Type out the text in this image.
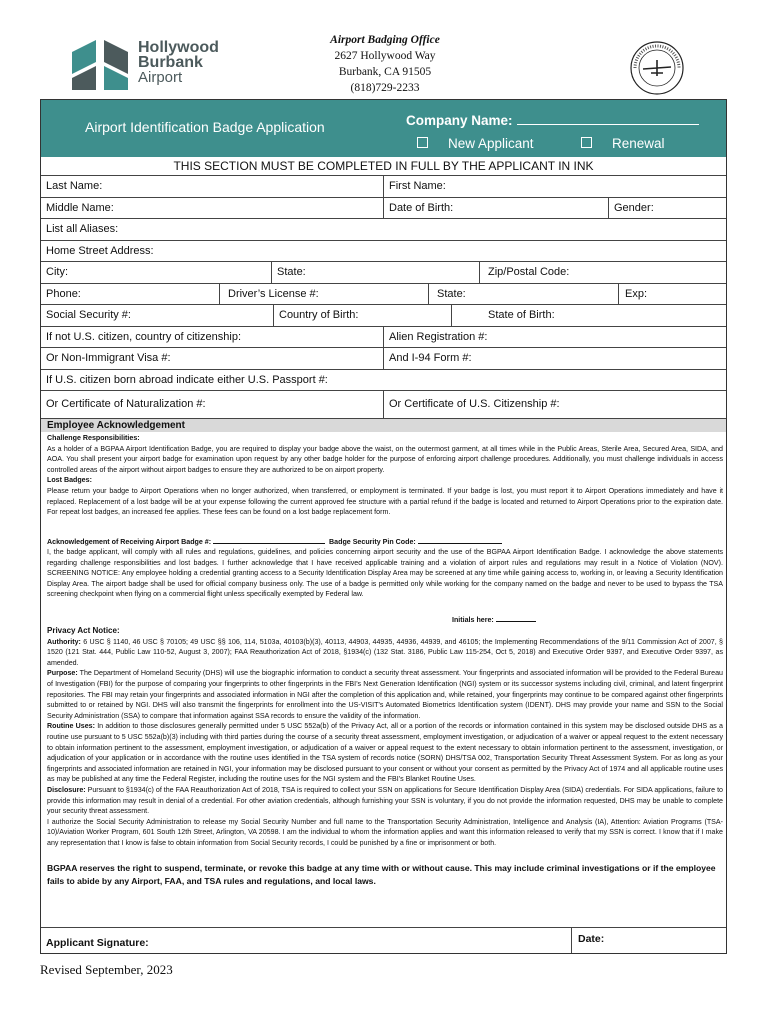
Hollywood
Burbank
Airport
Airport Badging Office
2627 Hollywood Way
Burbank, CA 91505
(818)729-2233
Airport Identification Badge Application	Company Name:
New Applicant	Renewal
THIS SECTION MUST BE COMPLETED IN FULL BY THE APPLICANT IN INK
Last Name:	First Name:
Middle Name:	Date of Birth:	Gender:
List all Aliases:
Home Street Address:
City:	State:	Zip/Postal Code:
Phone:	Driver’s License #:	State:	Exp:
Social Security #:	Country of Birth:	State of Birth:
If not U.S. citizen, country of citizenship:	Alien Registration #:
Or Non-Immigrant Visa #:	And I-94 Form #:
If U.S. citizen born abroad indicate either U.S. Passport #:
Or Certificate of Naturalization #:	Or Certificate of U.S. Citizenship #:
Employee Acknowledgement
Challenge Responsibilities:
As a holder of a BGPAA Airport Identification Badge, you are required to display your badge above the waist, on the outermost garment, at all times while in the Public Areas, Sterile Area, Secured Area, SIDA, and AOA. You shall present your airport badge for examination upon request by any other badge holder for the purpose of enforcing airport challenge procedures. Additionally, you must challenge individuals in access controlled areas of the airport without airport badges to ensure they are authorized to be on airport property.
Lost Badges:
Please return your badge to Airport Operations when no longer authorized, when transferred, or employment is terminated. If your badge is lost, you must report it to Airport Operations immediately and have it replaced. Replacement of a lost badge will be at your expense following the current approved fee structure with a partial refund if the badge is located and returned to Airport Operations prior to the expiration date. For repeat lost badges, an increased fee applies. These fees can be found on a lost badge replacement form.
Acknowledgement of Receiving Airport Badge #:	Badge Security Pin Code:
I, the badge applicant, will comply with all rules and regulations, guidelines, and policies concerning airport security and the use of the BGPAA Airport Identification Badge. I acknowledge the above statements regarding challenge responsibilities and lost badges. I further acknowledge that I have received applicable training and a violation of airport rules and regulations may result in a Notice of Violation (NOV). SCREENING NOTICE: Any employee holding a credential granting access to a Security Identification Display Area may be screened at any time while gaining access to, working in, or leaving a Security Identification Display Area. The airport badge shall be used for official company business only. The use of a badge is permitted only while working for the company named on the badge and never to be used to bypass the TSA screening checkpoint when flying on a commercial flight unless specifically exempted by Federal law.
Initials here:
Privacy Act Notice:
Authority: 6 USC § 1140, 46 USC § 70105; 49 USC §§ 106, 114, 5103a, 40103(b)(3), 40113, 44903, 44935, 44936, 44939, and 46105; the Implementing Recommendations of the 9/11 Commission Act of 2007, § 1520 (121 Stat. 444, Public Law 110-52, August 3, 2007); FAA Reauthorization Act of 2018, §1934(c) (132 Stat. 3186, Public Law 115-254, Oct 5, 2018) and Executive Order 9397, and Executive Order 9397, as amended.
Purpose: The Department of Homeland Security (DHS) will use the biographic information to conduct a security threat assessment. Your fingerprints and associated information will be provided to the Federal Bureau of Investigation (FBI) for the purpose of comparing your fingerprints to other fingerprints in the FBI’s Next Generation Identification (NGI) system or its successor systems including civil, criminal, and latent fingerprint repositories. The FBI may retain your fingerprints and associated information in NGI after the completion of this application and, while retained, your fingerprints may continue to be compared against other fingerprints submitted to or retained by NGI. DHS will also transmit the fingerprints for enrollment into the US-VISIT’s Automated Biometrics Identification system (IDENT). DHS may provide your name and SSN to the Social Security Administration (SSA) to compare that information against SSA records to ensure the validity of the information.
Routine Uses: In addition to those disclosures generally permitted under 5 USC 552a(b) of the Privacy Act, all or a portion of the records or information contained in this system may be disclosed outside DHS as a routine use pursuant to 5 USC 552a(b)(3) including with third parties during the course of a security threat assessment, employment investigation, or adjudication of a waiver or appeal request to the extent necessary to obtain information pertinent to the assessment, employment investigation, or adjudication of a waiver or appeal request to the extent necessary to obtain information pertinent to the assessment, investigation, or adjudication of your application or in accordance with the routine uses identified in the TSA system of records notice (SORN) DHS/TSA 002, Transportation Security Threat Assessment System. For as long as your fingerprints and associated information are retained in NGI, your information may be disclosed pursuant to your consent or without your consent as permitted by the Privacy Act of 1974 and all applicable routine uses as may be published at any time the Federal Register, including the routine uses for the NGI system and the FBI’s Blanket Routine Uses.
Disclosure: Pursuant to §1934(c) of the FAA Reauthorization Act of 2018, TSA is required to collect your SSN on applications for Secure Identification Display Area (SIDA) credentials. For SIDA applications, failure to provide this information may result in denial of a credential. For other aviation credentials, although furnishing your SSN is voluntary, if you do not provide the information requested, DHS may be unable to complete your security threat assessment.
I authorize the Social Security Administration to release my Social Security Number and full name to the Transportation Security Administration, Intelligence and Analysis (IA), Attention: Aviation Programs (TSA-10)/Aviation Worker Program, 601 South 12th Street, Arlington, VA 20598. I am the individual to whom the information applies and want this information released to verify that my SSN is correct. I know that if I make any representation that I know is false to obtain information from Social Security records, I could be punished by a fine or imprisonment or both.
BGPAA reserves the right to suspend, terminate, or revoke this badge at any time with or without cause. This may include criminal investigations or if the employee fails to abide by any Airport, FAA, and TSA rules and regulations, and local laws.
Applicant Signature:	Date:
Revised September, 2023
